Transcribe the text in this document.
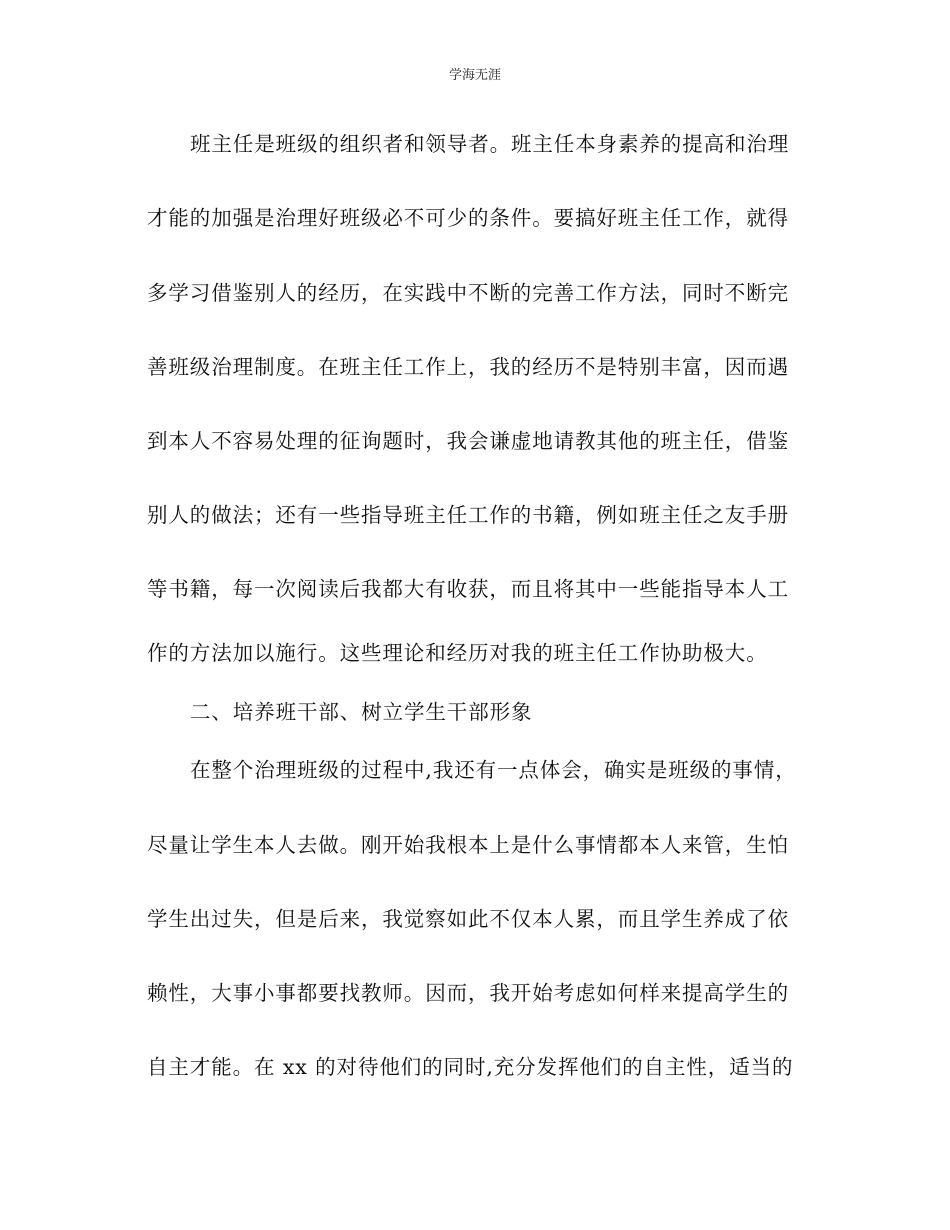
学海无涯
班主任是班级的组织者和领导者。班主任本身素养的提高和治理
才能的加强是治理好班级必不可少的条件。要搞好班主任工作，就得
多学习借鉴别人的经历，在实践中不断的完善工作方法，同时不断完
善班级治理制度。在班主任工作上，我的经历不是特别丰富，因而遇
到本人不容易处理的征询题时，我会谦虚地请教其他的班主任，借鉴
别人的做法；还有一些指导班主任工作的书籍，例如班主任之友手册
等书籍，每一次阅读后我都大有收获，而且将其中一些能指导本人工
作的方法加以施行。这些理论和经历对我的班主任工作协助极大。
二、培养班干部、树立学生干部形象
在整个治理班级的过程中,我还有一点体会，确实是班级的事情，
尽量让学生本人去做。刚开始我根本上是什么事情都本人来管，生怕
学生出过失，但是后来，我觉察如此不仅本人累，而且学生养成了依
赖性，大事小事都要找教师。因而，我开始考虑如何样来提高学生的
自主才能。在 xx 的对待他们的同时,充分发挥他们的自主性，适当的
